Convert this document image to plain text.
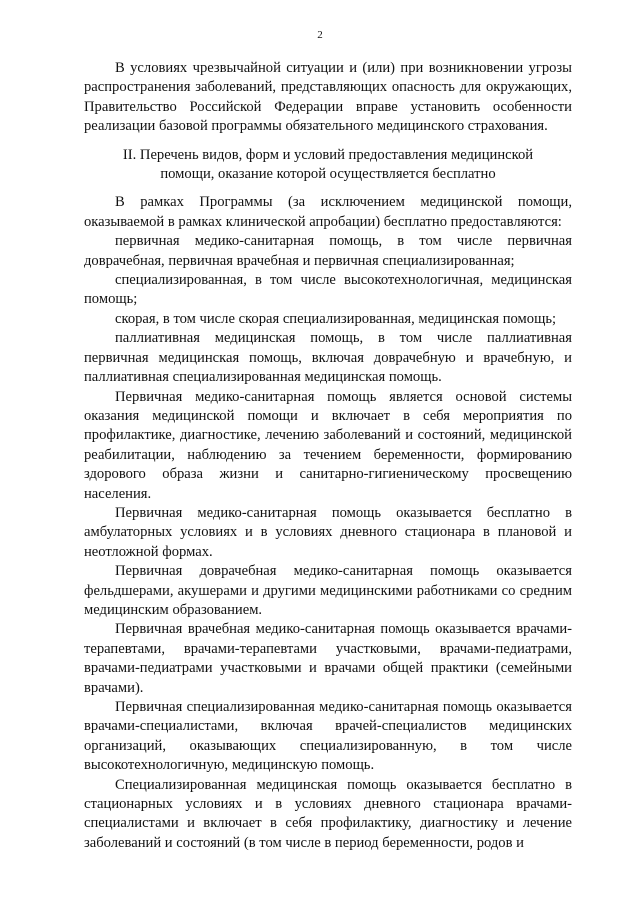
2

В условиях чрезвычайной ситуации и (или) при возникновении угрозы распространения заболеваний, представляющих опасность для окружающих, Правительство Российской Федерации вправе установить особенности реализации базовой программы обязательного медицинского страхования.

II. Перечень видов, форм и условий предоставления медицинской помощи, оказание которой осуществляется бесплатно

В рамках Программы (за исключением медицинской помощи, оказываемой в рамках клинической апробации) бесплатно предоставляются:

первичная медико-санитарная помощь, в том числе первичная доврачебная, первичная врачебная и первичная специализированная;

специализированная, в том числе высокотехнологичная, медицинская помощь;

скорая, в том числе скорая специализированная, медицинская помощь;

паллиативная медицинская помощь, в том числе паллиативная первичная медицинская помощь, включая доврачебную и врачебную, и паллиативная специализированная медицинская помощь.

Первичная медико-санитарная помощь является основой системы оказания медицинской помощи и включает в себя мероприятия по профилактике, диагностике, лечению заболеваний и состояний, медицинской реабилитации, наблюдению за течением беременности, формированию здорового образа жизни и санитарно-гигиеническому просвещению населения.

Первичная медико-санитарная помощь оказывается бесплатно в амбулаторных условиях и в условиях дневного стационара в плановой и неотложной формах.

Первичная доврачебная медико-санитарная помощь оказывается фельдшерами, акушерами и другими медицинскими работниками со средним медицинским образованием.

Первичная врачебная медико-санитарная помощь оказывается врачами-терапевтами, врачами-терапевтами участковыми, врачами-педиатрами, врачами-педиатрами участковыми и врачами общей практики (семейными врачами).

Первичная специализированная медико-санитарная помощь оказывается врачами-специалистами, включая врачей-специалистов медицинских организаций, оказывающих специализированную, в том числе высокотехнологичную, медицинскую помощь.

Специализированная медицинская помощь оказывается бесплатно в стационарных условиях и в условиях дневного стационара врачами-специалистами и включает в себя профилактику, диагностику и лечение заболеваний и состояний (в том числе в период беременности, родов и
